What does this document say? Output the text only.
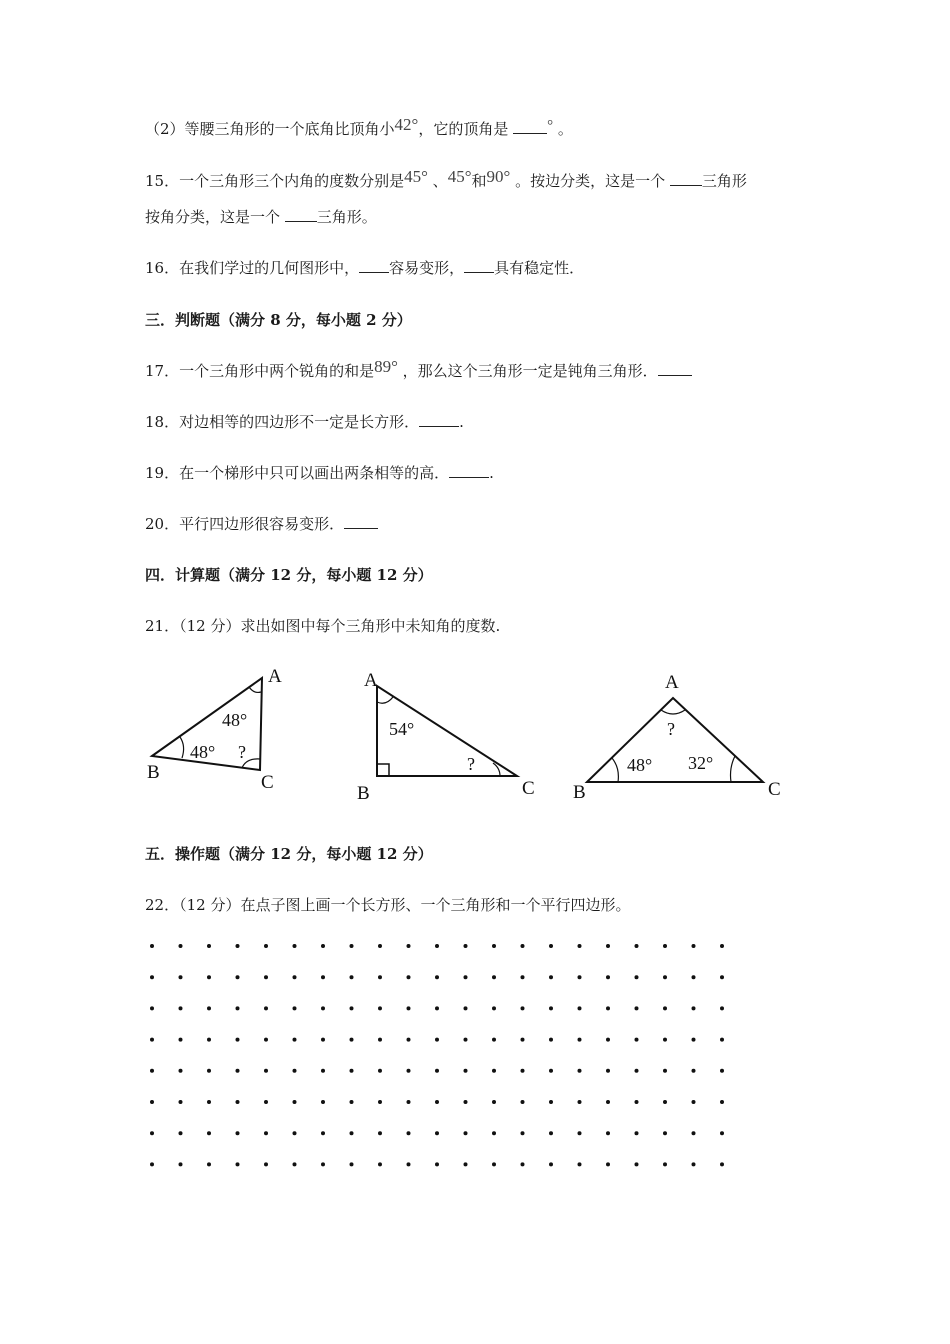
（2）等腰三角形的一个底角比顶角小42°，它的顶角是 ° 。
15．一个三角形三个内角的度数分别是45° 、45°和90° 。按边分类，这是一个 三角形
按角分类，这是一个 三角形。
16．在我们学过的几何图形中， 容易变形， 具有稳定性．
三．判断题（满分 8 分，每小题 2 分）
17．一个三角形中两个锐角的和是89° ，那么这个三角形一定是钝角三角形．
18．对边相等的四边形不一定是长方形．	.
19．在一个梯形中只可以画出两条相等的高．	.
20．平行四边形很容易变形．
四．计算题（满分 12 分，每小题 12 分）
21．（12 分）求出如图中每个三角形中未知角的度数.
A
B	C
48°
48° ?
A
B	C
54°
?
A
B	C
?
48° 32°
五．操作题（满分 12 分，每小题 12 分）
22．（12 分）在点子图上画一个长方形、一个三角形和一个平行四边形。
